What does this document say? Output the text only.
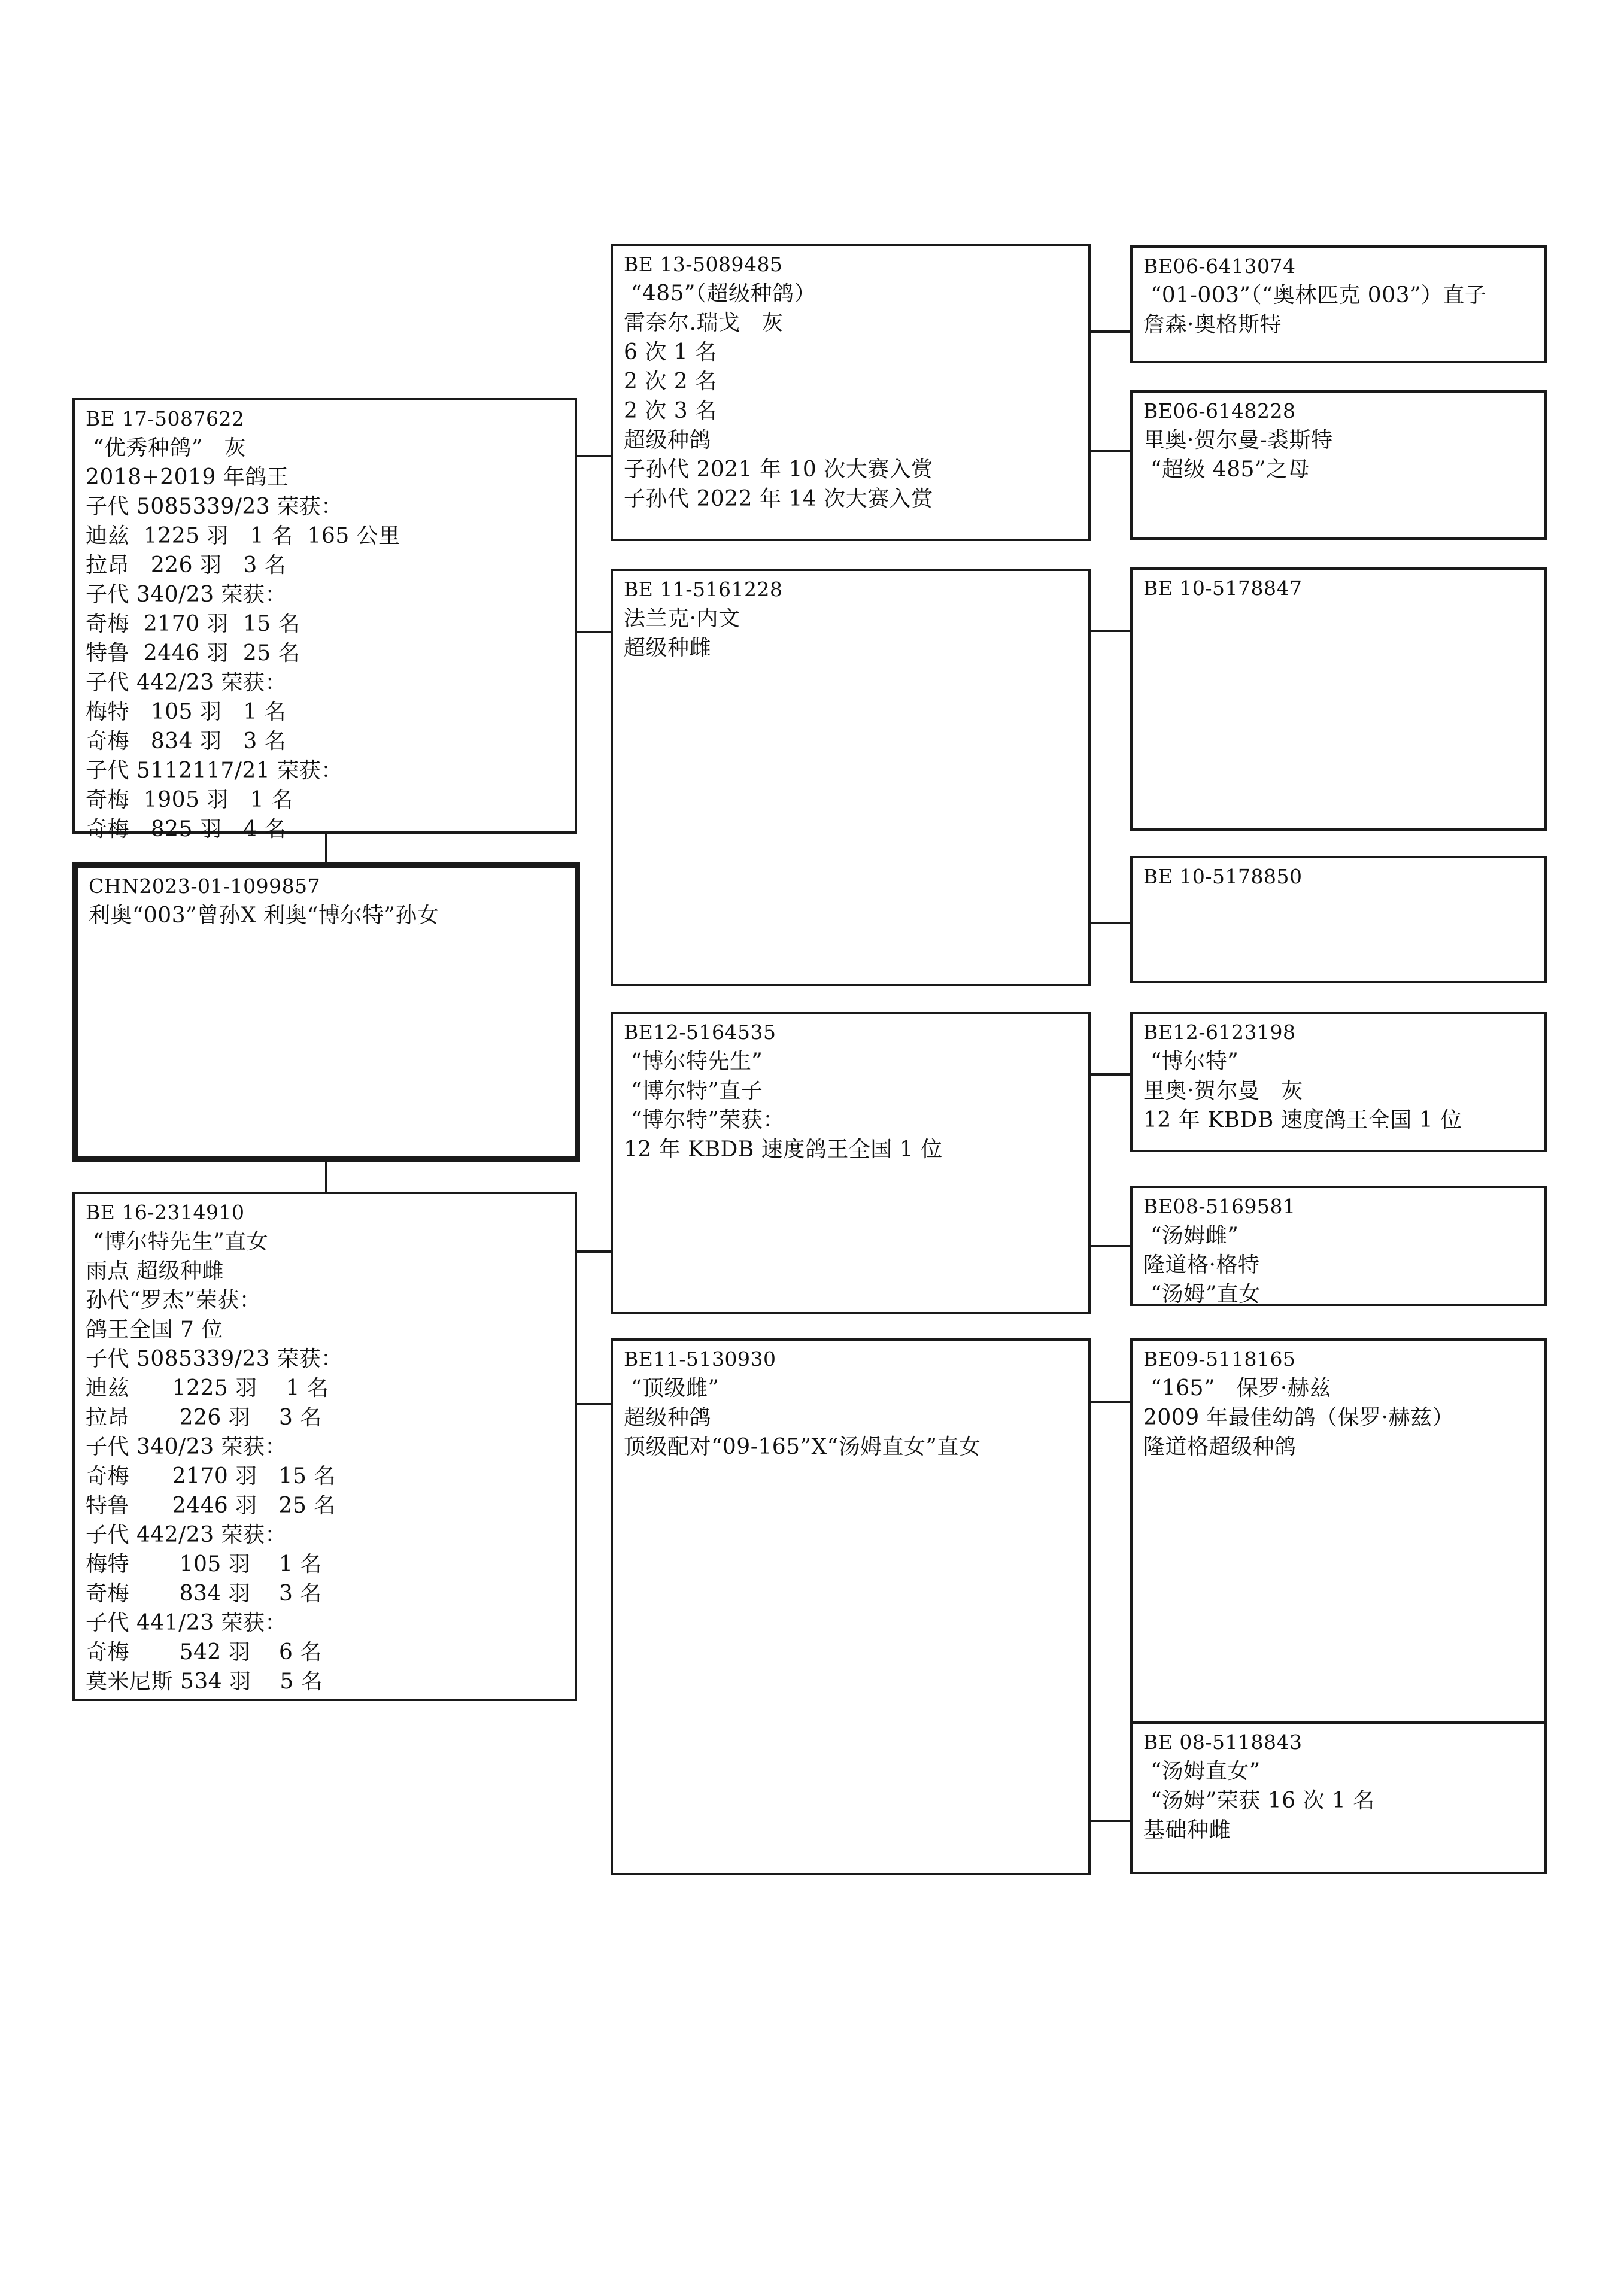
BE 17-5087622
“优秀种鸽”   灰
2018+2019 年鸽王
子代 5085339/23 荣获：
迪兹  1225 羽   1 名  165 公里
拉昂   226 羽   3 名
子代 340/23 荣获：
奇梅  2170 羽  15 名
特鲁  2446 羽  25 名
子代 442/23 荣获：
梅特   105 羽   1 名
奇梅   834 羽   3 名
子代 5112117/21 荣获：
奇梅  1905 羽   1 名
奇梅   825 羽   4 名
CHN2023-01-1099857
利奥“003”曾孙X 利奥“博尔特”孙女
BE 16-2314910
“博尔特先生”直女
雨点 超级种雌
孙代“罗杰”荣获：
鸽王全国 7 位
子代 5085339/23 荣获：
迪兹      1225 羽    1 名
拉昂       226 羽    3 名
子代 340/23 荣获：
奇梅      2170 羽   15 名
特鲁      2446 羽   25 名
子代 442/23 荣获：
梅特       105 羽    1 名
奇梅       834 羽    3 名
子代 441/23 荣获：
奇梅       542 羽    6 名
莫米尼斯 534 羽    5 名
BE 13-5089485
“485”（超级种鸽）
雷奈尔.瑞戈   灰
6 次 1 名
2 次 2 名
2 次 3 名
超级种鸽
子孙代 2021 年 10 次大赛入赏
子孙代 2022 年 14 次大赛入赏
BE 11-5161228
法兰克·内文
超级种雌
BE12-5164535
“博尔特先生”
“博尔特”直子
“博尔特”荣获：
12 年 KBDB 速度鸽王全国 1 位
BE11-5130930
“顶级雌”
超级种鸽
顶级配对“09-165”X“汤姆直女”直女
BE06-6413074
“01-003”（“奥林匹克 003”）直子
詹森·奥格斯特
BE06-6148228
里奥·贺尔曼-裘斯特
“超级 485”之母
BE 10-5178847
BE 10-5178850
BE12-6123198
“博尔特”
里奥·贺尔曼   灰
12 年 KBDB 速度鸽王全国 1 位
BE08-5169581
“汤姆雌”
隆道格·格特
“汤姆”直女
BE09-5118165
“165”   保罗·赫兹
2009 年最佳幼鸽（保罗·赫兹）
隆道格超级种鸽
BE 08-5118843
“汤姆直女”
“汤姆”荣获 16 次 1 名
基础种雌
